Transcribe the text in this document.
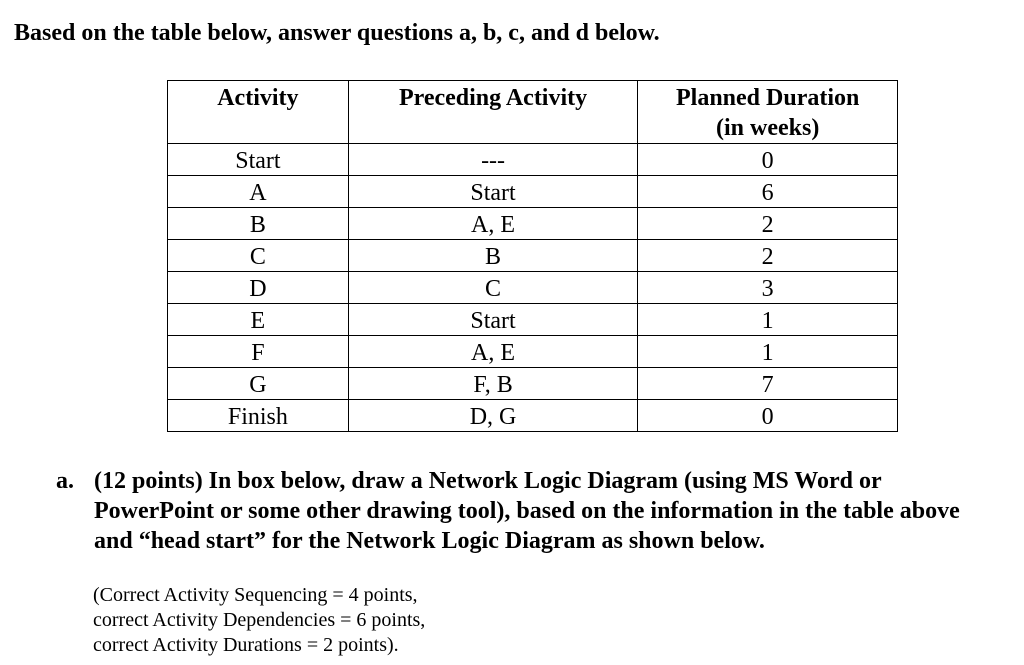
Based on the table below, answer questions a, b, c, and d below.
Activity	Preceding Activity	Planned Duration
(in weeks)
Start	---	0
A	Start	6
B	A, E	2
C	B	2
D	C	3
E	Start	1
F	A, E	1
G	F, B	7
Finish	D, G	0
a. (12 points) In box below, draw a Network Logic Diagram (using MS Word or PowerPoint or some other drawing tool), based on the information in the table above and “head start” for the Network Logic Diagram as shown below.
(Correct Activity Sequencing = 4 points,
correct Activity Dependencies = 6 points,
correct Activity Durations = 2 points).
